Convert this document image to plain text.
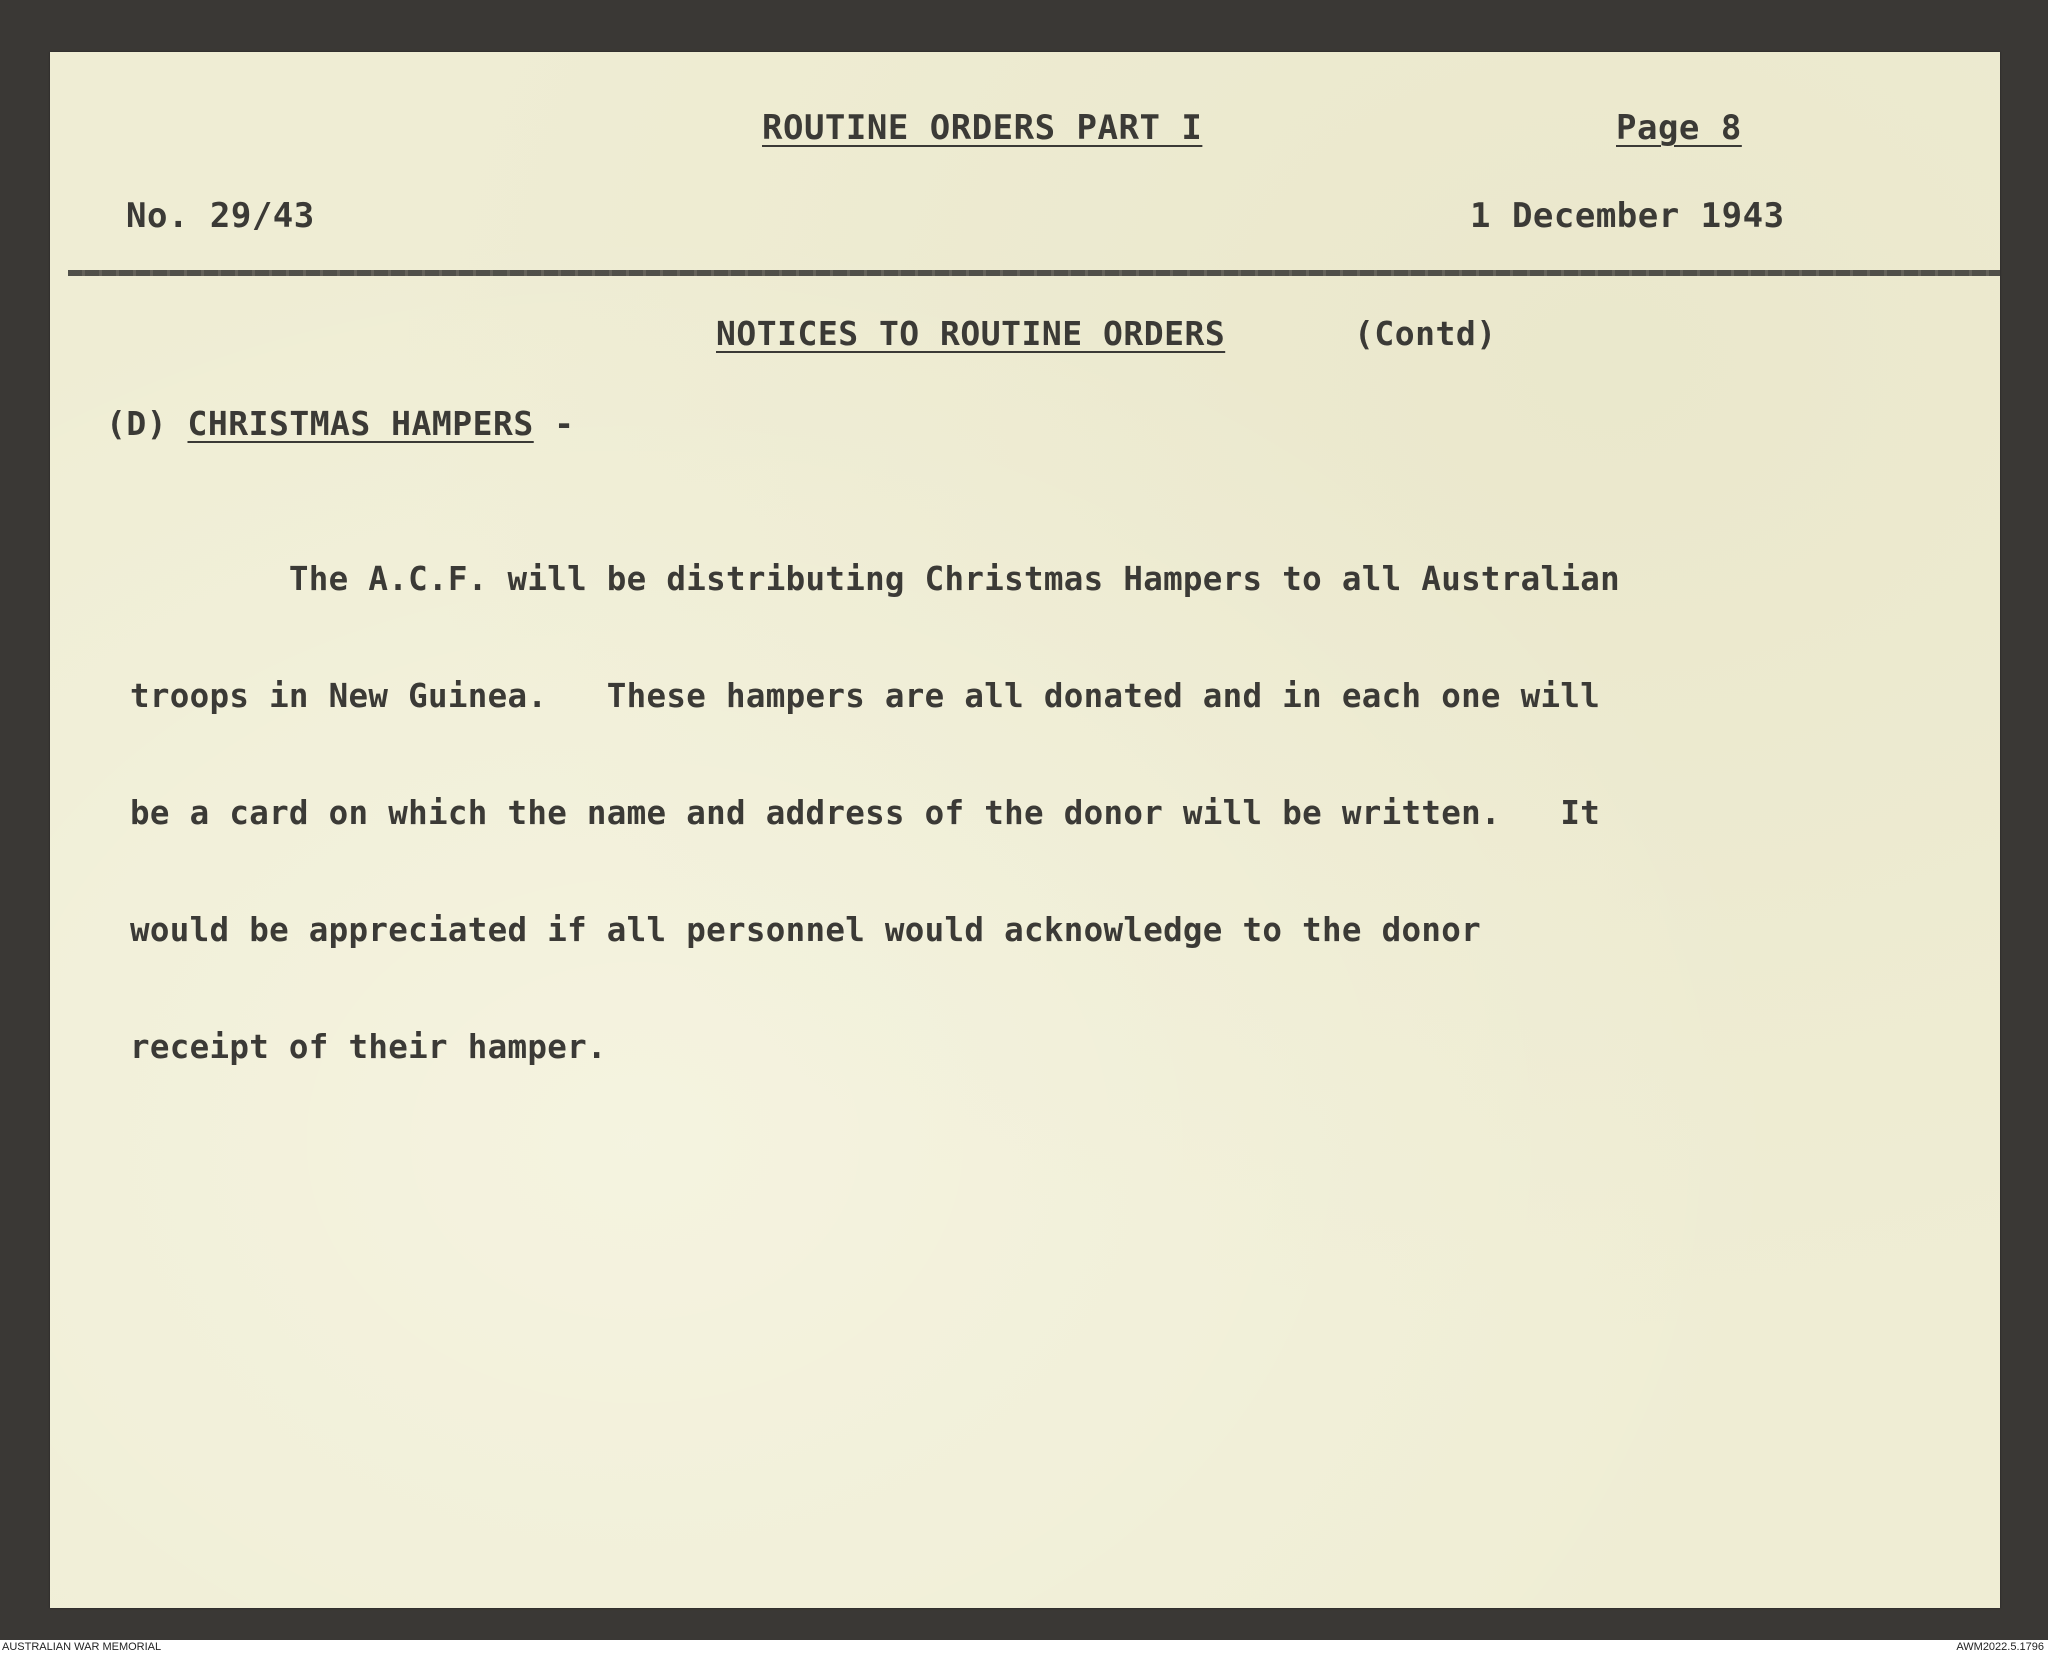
ROUTINE ORDERS PART I	Page 8
No. 29/43	1 December 1943
NOTICES TO ROUTINE ORDERS	(Contd)
(D) CHRISTMAS HAMPERS -

The A.C.F. will be distributing Christmas Hampers to all Australian

troops in New Guinea.   These hampers are all donated and in each one will

be a card on which the name and address of the donor will be written.   It

would be appreciated if all personnel would acknowledge to the donor

receipt of their hamper.

AUSTRALIAN WAR MEMORIAL	AWM2022.5.1796
